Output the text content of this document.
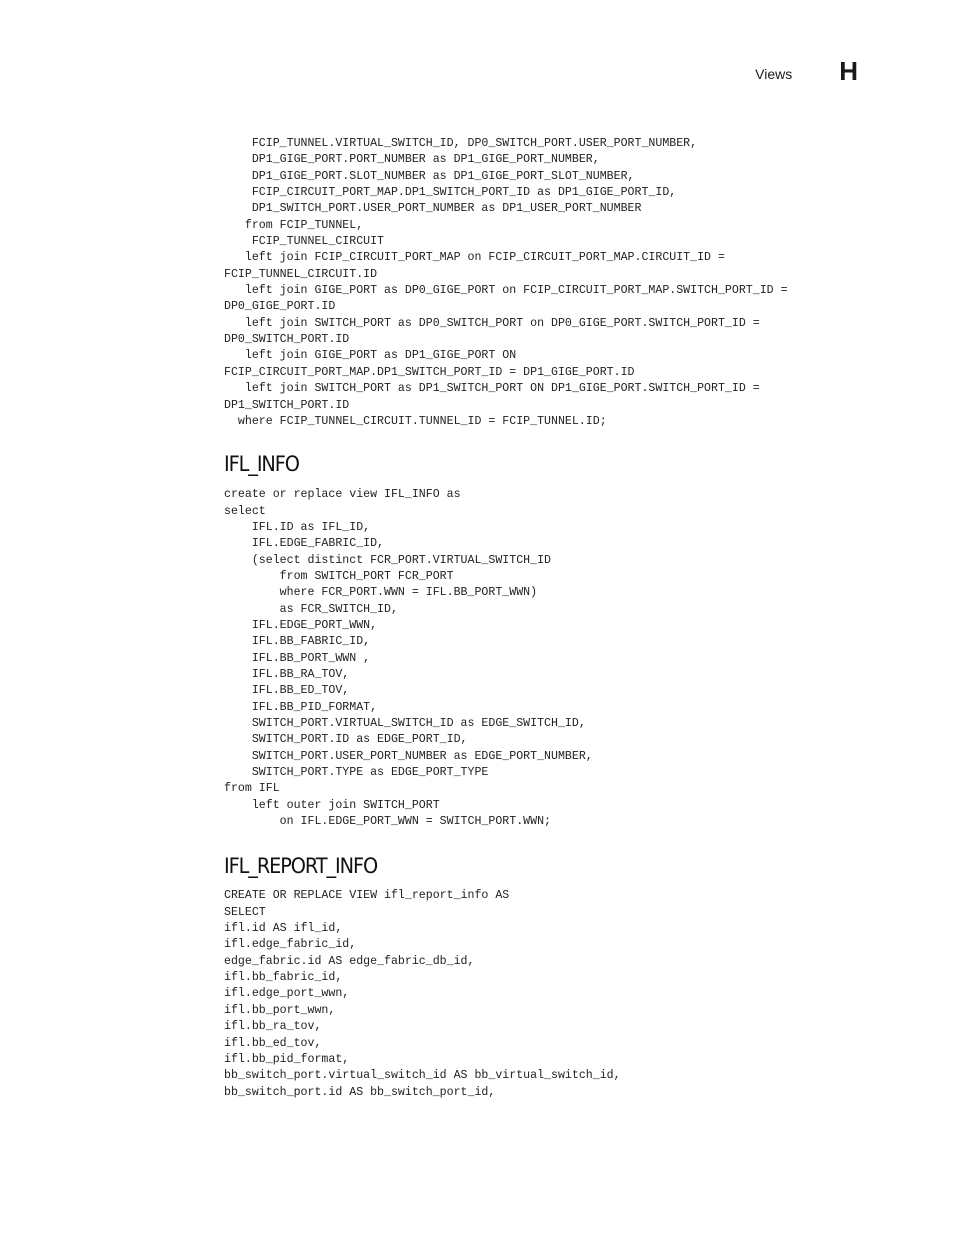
Views H
FCIP_TUNNEL.VIRTUAL_SWITCH_ID, DP0_SWITCH_PORT.USER_PORT_NUMBER,
DP1_GIGE_PORT.PORT_NUMBER as DP1_GIGE_PORT_NUMBER,
DP1_GIGE_PORT.SLOT_NUMBER as DP1_GIGE_PORT_SLOT_NUMBER,
FCIP_CIRCUIT_PORT_MAP.DP1_SWITCH_PORT_ID as DP1_GIGE_PORT_ID,
DP1_SWITCH_PORT.USER_PORT_NUMBER as DP1_USER_PORT_NUMBER
from FCIP_TUNNEL,
FCIP_TUNNEL_CIRCUIT
left join FCIP_CIRCUIT_PORT_MAP on FCIP_CIRCUIT_PORT_MAP.CIRCUIT_ID =
FCIP_TUNNEL_CIRCUIT.ID
left join GIGE_PORT as DP0_GIGE_PORT on FCIP_CIRCUIT_PORT_MAP.SWITCH_PORT_ID =
DP0_GIGE_PORT.ID
left join SWITCH_PORT as DP0_SWITCH_PORT on DP0_GIGE_PORT.SWITCH_PORT_ID =
DP0_SWITCH_PORT.ID
left join GIGE_PORT as DP1_GIGE_PORT ON
FCIP_CIRCUIT_PORT_MAP.DP1_SWITCH_PORT_ID = DP1_GIGE_PORT.ID
left join SWITCH_PORT as DP1_SWITCH_PORT ON DP1_GIGE_PORT.SWITCH_PORT_ID =
DP1_SWITCH_PORT.ID
where FCIP_TUNNEL_CIRCUIT.TUNNEL_ID = FCIP_TUNNEL.ID;
IFL_INFO
create or replace view IFL_INFO as
select
IFL.ID as IFL_ID,
IFL.EDGE_FABRIC_ID,
(select distinct FCR_PORT.VIRTUAL_SWITCH_ID
from SWITCH_PORT FCR_PORT
where FCR_PORT.WWN = IFL.BB_PORT_WWN)
as FCR_SWITCH_ID,
IFL.EDGE_PORT_WWN,
IFL.BB_FABRIC_ID,
IFL.BB_PORT_WWN ,
IFL.BB_RA_TOV,
IFL.BB_ED_TOV,
IFL.BB_PID_FORMAT,
SWITCH_PORT.VIRTUAL_SWITCH_ID as EDGE_SWITCH_ID,
SWITCH_PORT.ID as EDGE_PORT_ID,
SWITCH_PORT.USER_PORT_NUMBER as EDGE_PORT_NUMBER,
SWITCH_PORT.TYPE as EDGE_PORT_TYPE
from IFL
left outer join SWITCH_PORT
on IFL.EDGE_PORT_WWN = SWITCH_PORT.WWN;
IFL_REPORT_INFO
CREATE OR REPLACE VIEW ifl_report_info AS
SELECT
ifl.id AS ifl_id,
ifl.edge_fabric_id,
edge_fabric.id AS edge_fabric_db_id,
ifl.bb_fabric_id,
ifl.edge_port_wwn,
ifl.bb_port_wwn,
ifl.bb_ra_tov,
ifl.bb_ed_tov,
ifl.bb_pid_format,
bb_switch_port.virtual_switch_id AS bb_virtual_switch_id,
bb_switch_port.id AS bb_switch_port_id,
